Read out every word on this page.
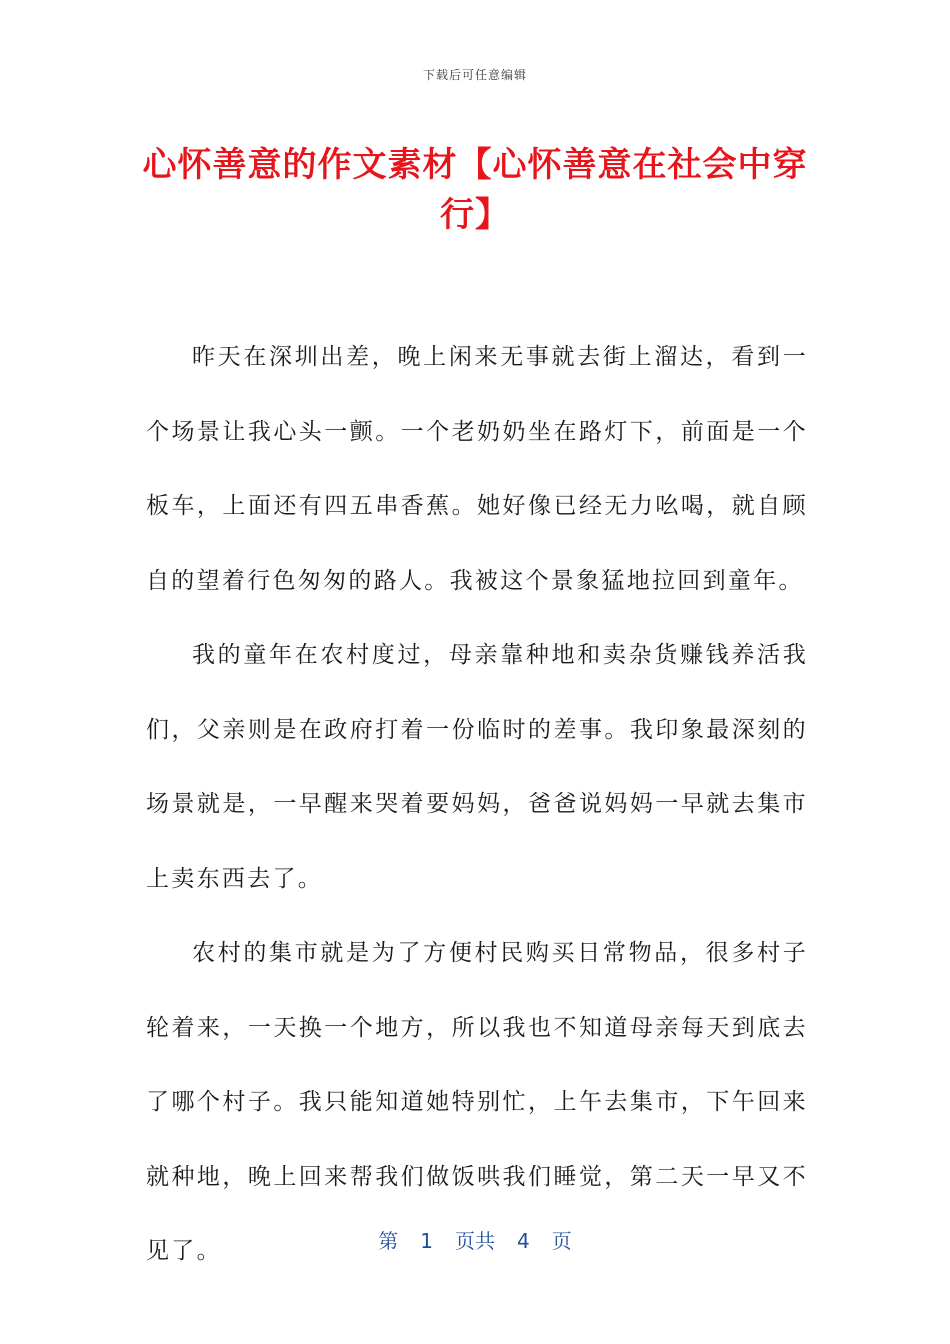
下载后可任意编辑
心怀善意的作文素材【心怀善意在社会中穿行】

昨天在深圳出差，晚上闲来无事就去街上溜达，看到一个场景让我心头一颤。一个老奶奶坐在路灯下，前面是一个板车，上面还有四五串香蕉。她好像已经无力吆喝，就自顾自的望着行色匆匆的路人。我被这个景象猛地拉回到童年。

我的童年在农村度过，母亲靠种地和卖杂货赚钱养活我们，父亲则是在政府打着一份临时的差事。我印象最深刻的场景就是，一早醒来哭着要妈妈，爸爸说妈妈一早就去集市上卖东西去了。

农村的集市就是为了方便村民购买日常物品，很多村子轮着来，一天换一个地方，所以我也不知道母亲每天到底去了哪个村子。我只能知道她特别忙，上午去集市，下午回来就种地，晚上回来帮我们做饭哄我们睡觉，第二天一早又不见了。	第 1 页共 4 页
